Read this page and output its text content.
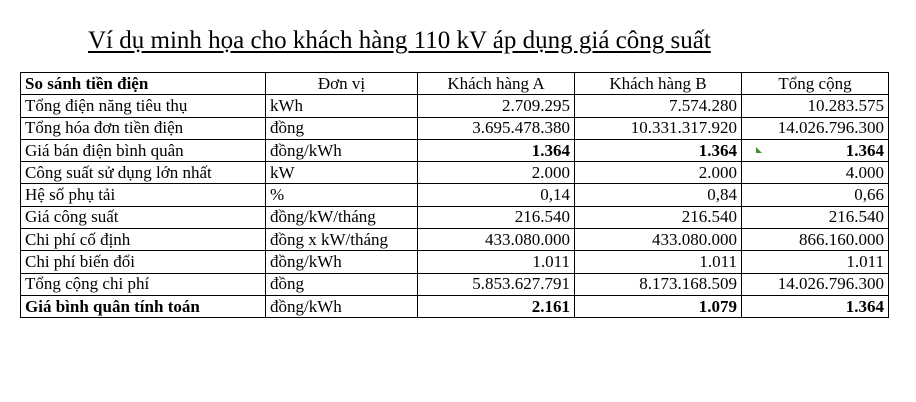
Ví dụ minh họa cho khách hàng 110 kV áp dụng giá công suất
So sánh tiền điện	Đơn vị	Khách hàng A	Khách hàng B	Tổng cộng
Tổng điện năng tiêu thụ	kWh	2.709.295	7.574.280	10.283.575
Tổng hóa đơn tiền điện	đồng	3.695.478.380	10.331.317.920	14.026.796.300
Giá bán điện bình quân	đồng/kWh	1.364	1.364	1.364
Công suất sử dụng lớn nhất	kW	2.000	2.000	4.000
Hệ số phụ tải	%	0,14	0,84	0,66
Giá công suất	đồng/kW/tháng	216.540	216.540	216.540
Chi phí cố định	đồng x kW/tháng	433.080.000	433.080.000	866.160.000
Chi phí biến đổi	đồng/kWh	1.011	1.011	1.011
Tổng cộng chi phí	đồng	5.853.627.791	8.173.168.509	14.026.796.300
Giá bình quân tính toán	đồng/kWh	2.161	1.079	1.364
